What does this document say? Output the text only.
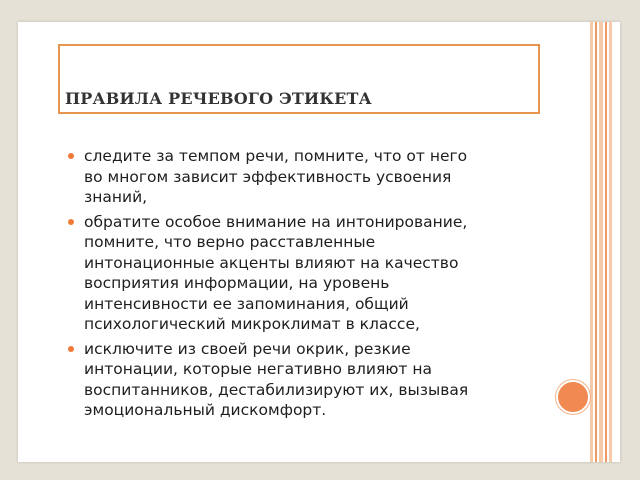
ПРАВИЛА РЕЧЕВОГО ЭТИКЕТА
следите за темпом речи, помните, что от него
во многом зависит эффективность усвоения
знаний,
обратите особое внимание на интонирование,
помните, что верно расставленные
интонационные акценты влияют на качество
восприятия информации, на уровень
интенсивности ее запоминания, общий
психологический микроклимат в классе,
исключите из своей речи окрик, резкие
интонации, которые негативно влияют на
воспитанников, дестабилизируют их, вызывая
эмоциональный дискомфорт.
